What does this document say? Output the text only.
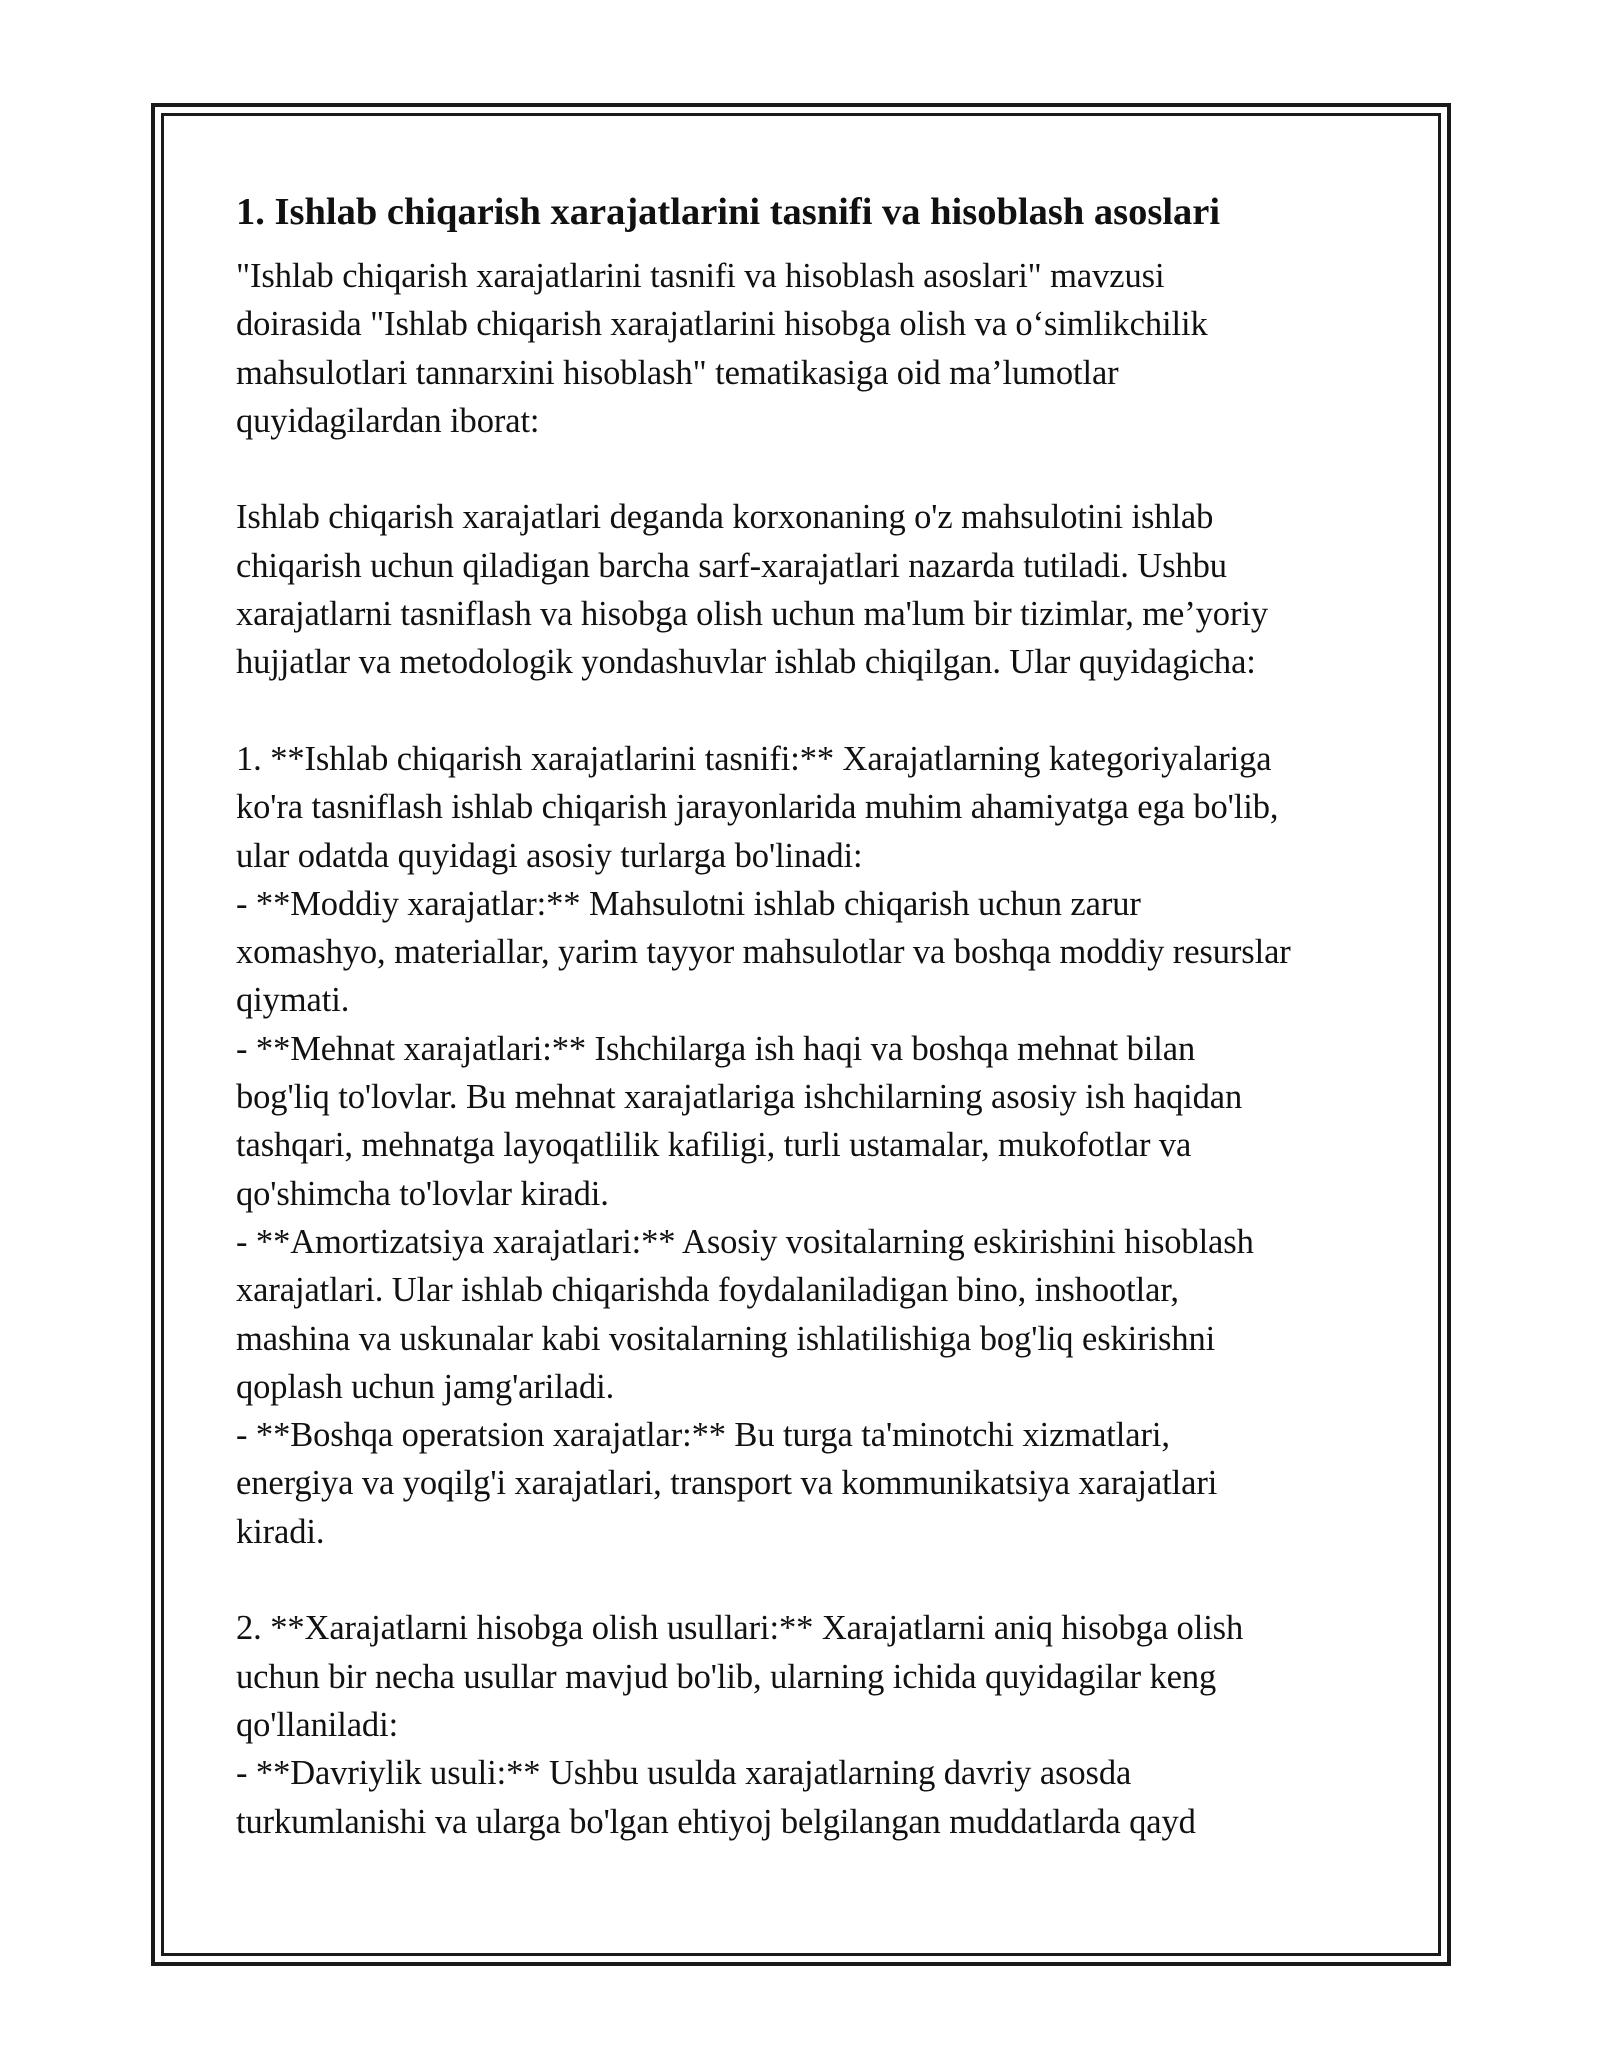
1. Ishlab chiqarish xarajatlarini tasnifi va hisoblash asoslari

"Ishlab chiqarish xarajatlarini tasnifi va hisoblash asoslari" mavzusi
doirasida "Ishlab chiqarish xarajatlarini hisobga olish va o‘simlikchilik
mahsulotlari tannarxini hisoblash" tematikasiga oid ma’lumotlar
quyidagilardan iborat:

Ishlab chiqarish xarajatlari deganda korxonaning o'z mahsulotini ishlab
chiqarish uchun qiladigan barcha sarf-xarajatlari nazarda tutiladi. Ushbu
xarajatlarni tasniflash va hisobga olish uchun ma'lum bir tizimlar, me’yoriy
hujjatlar va metodologik yondashuvlar ishlab chiqilgan. Ular quyidagicha:

1. **Ishlab chiqarish xarajatlarini tasnifi:** Xarajatlarning kategoriyalariga
ko'ra tasniflash ishlab chiqarish jarayonlarida muhim ahamiyatga ega bo'lib,
ular odatda quyidagi asosiy turlarga bo'linadi:
- **Moddiy xarajatlar:** Mahsulotni ishlab chiqarish uchun zarur
xomashyo, materiallar, yarim tayyor mahsulotlar va boshqa moddiy resurslar
qiymati.
- **Mehnat xarajatlari:** Ishchilarga ish haqi va boshqa mehnat bilan
bog'liq to'lovlar. Bu mehnat xarajatlariga ishchilarning asosiy ish haqidan
tashqari, mehnatga layoqatlilik kafiligi, turli ustamalar, mukofotlar va
qo'shimcha to'lovlar kiradi.
- **Amortizatsiya xarajatlari:** Asosiy vositalarning eskirishini hisoblash
xarajatlari. Ular ishlab chiqarishda foydalaniladigan bino, inshootlar,
mashina va uskunalar kabi vositalarning ishlatilishiga bog'liq eskirishni
qoplash uchun jamg'ariladi.
- **Boshqa operatsion xarajatlar:** Bu turga ta'minotchi xizmatlari,
energiya va yoqilg'i xarajatlari, transport va kommunikatsiya xarajatlari
kiradi.

2. **Xarajatlarni hisobga olish usullari:** Xarajatlarni aniq hisobga olish
uchun bir necha usullar mavjud bo'lib, ularning ichida quyidagilar keng
qo'llaniladi:
- **Davriylik usuli:** Ushbu usulda xarajatlarning davriy asosda
turkumlanishi va ularga bo'lgan ehtiyoj belgilangan muddatlarda qayd
